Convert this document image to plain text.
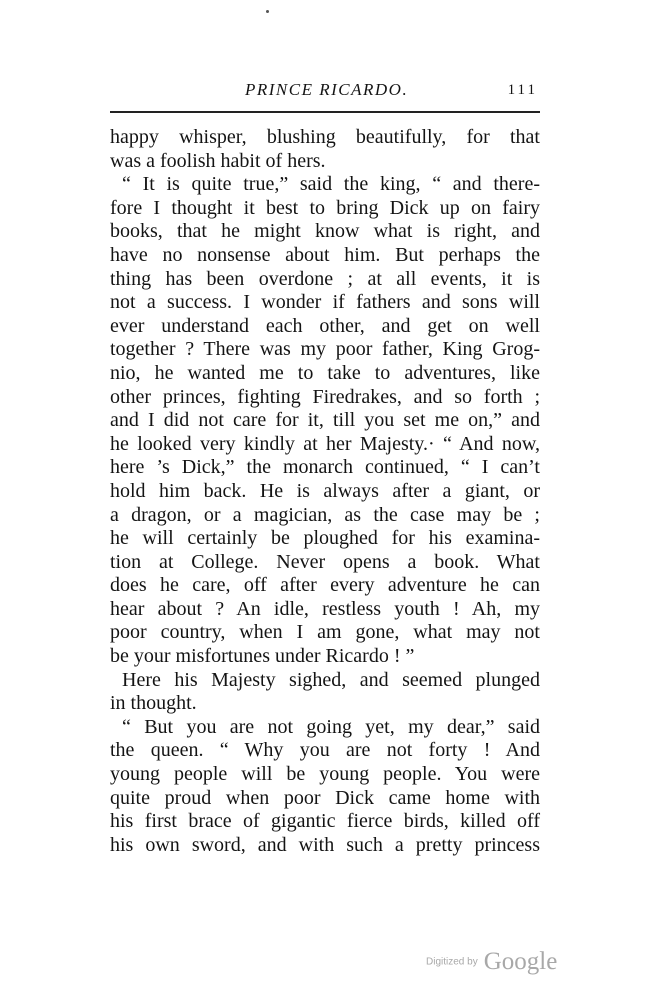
PRINCE RICARDO.	111
happy whisper, blushing beautifully, for that
was a foolish habit of hers.
“ It is quite true,” said the king, “ and there-
fore I thought it best to bring Dick up on fairy
books, that he might know what is right, and
have no nonsense about him. But perhaps the
thing has been overdone ; at all events, it is
not a success. I wonder if fathers and sons will
ever understand each other, and get on well
together ? There was my poor father, King Grog-
nio, he wanted me to take to adventures, like
other princes, fighting Firedrakes, and so forth ;
and I did not care for it, till you set me on,” and
he looked very kindly at her Majesty.· “ And now,
here ’s Dick,” the monarch continued, “ I can’t
hold him back. He is always after a giant, or
a dragon, or a magician, as the case may be ;
he will certainly be ploughed for his examina-
tion at College. Never opens a book. What
does he care, off after every adventure he can
hear about ? An idle, restless youth ! Ah, my
poor country, when I am gone, what may not
be your misfortunes under Ricardo ! ”
Here his Majesty sighed, and seemed plunged
in thought.
“ But you are not going yet, my dear,” said
the queen. “ Why you are not forty ! And
young people will be young people. You were
quite proud when poor Dick came home with
his first brace of gigantic fierce birds, killed off
his own sword, and with such a pretty princess
Digitized by Google
